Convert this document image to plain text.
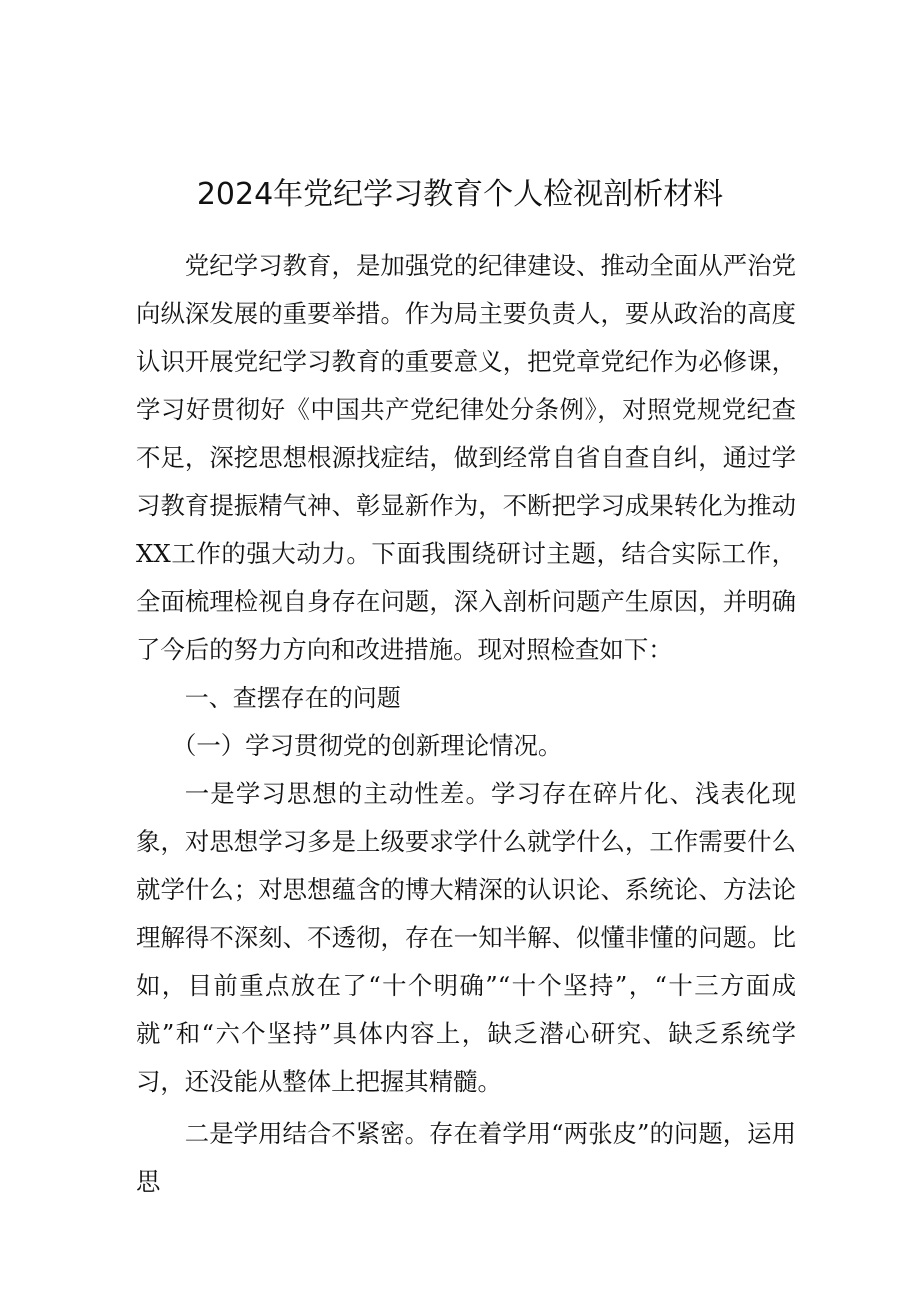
2024年党纪学习教育个人检视剖析材料

党纪学习教育，是加强党的纪律建设、推动全面从严治党向纵深发展的重要举措。作为局主要负责人，要从政治的高度认识开展党纪学习教育的重要意义，把党章党纪作为必修课，学习好贯彻好《中国共产党纪律处分条例》，对照党规党纪查不足，深挖思想根源找症结，做到经常自省自查自纠，通过学习教育提振精气神、彰显新作为，不断把学习成果转化为推动XX工作的强大动力。下面我围绕研讨主题，结合实际工作，全面梳理检视自身存在问题，深入剖析问题产生原因，并明确了今后的努力方向和改进措施。现对照检查如下：

一、查摆存在的问题

（一）学习贯彻党的创新理论情况。

一是学习思想的主动性差。学习存在碎片化、浅表化现象，对思想学习多是上级要求学什么就学什么，工作需要什么就学什么；对思想蕴含的博大精深的认识论、系统论、方法论理解得不深刻、不透彻，存在一知半解、似懂非懂的问题。比如，目前重点放在了“十个明确”“十个坚持”，“十三方面成就”和“六个坚持”具体内容上，缺乏潜心研究、缺乏系统学习，还没能从整体上把握其精髓。

二是学用结合不紧密。存在着学用“两张皮”的问题，运用思
